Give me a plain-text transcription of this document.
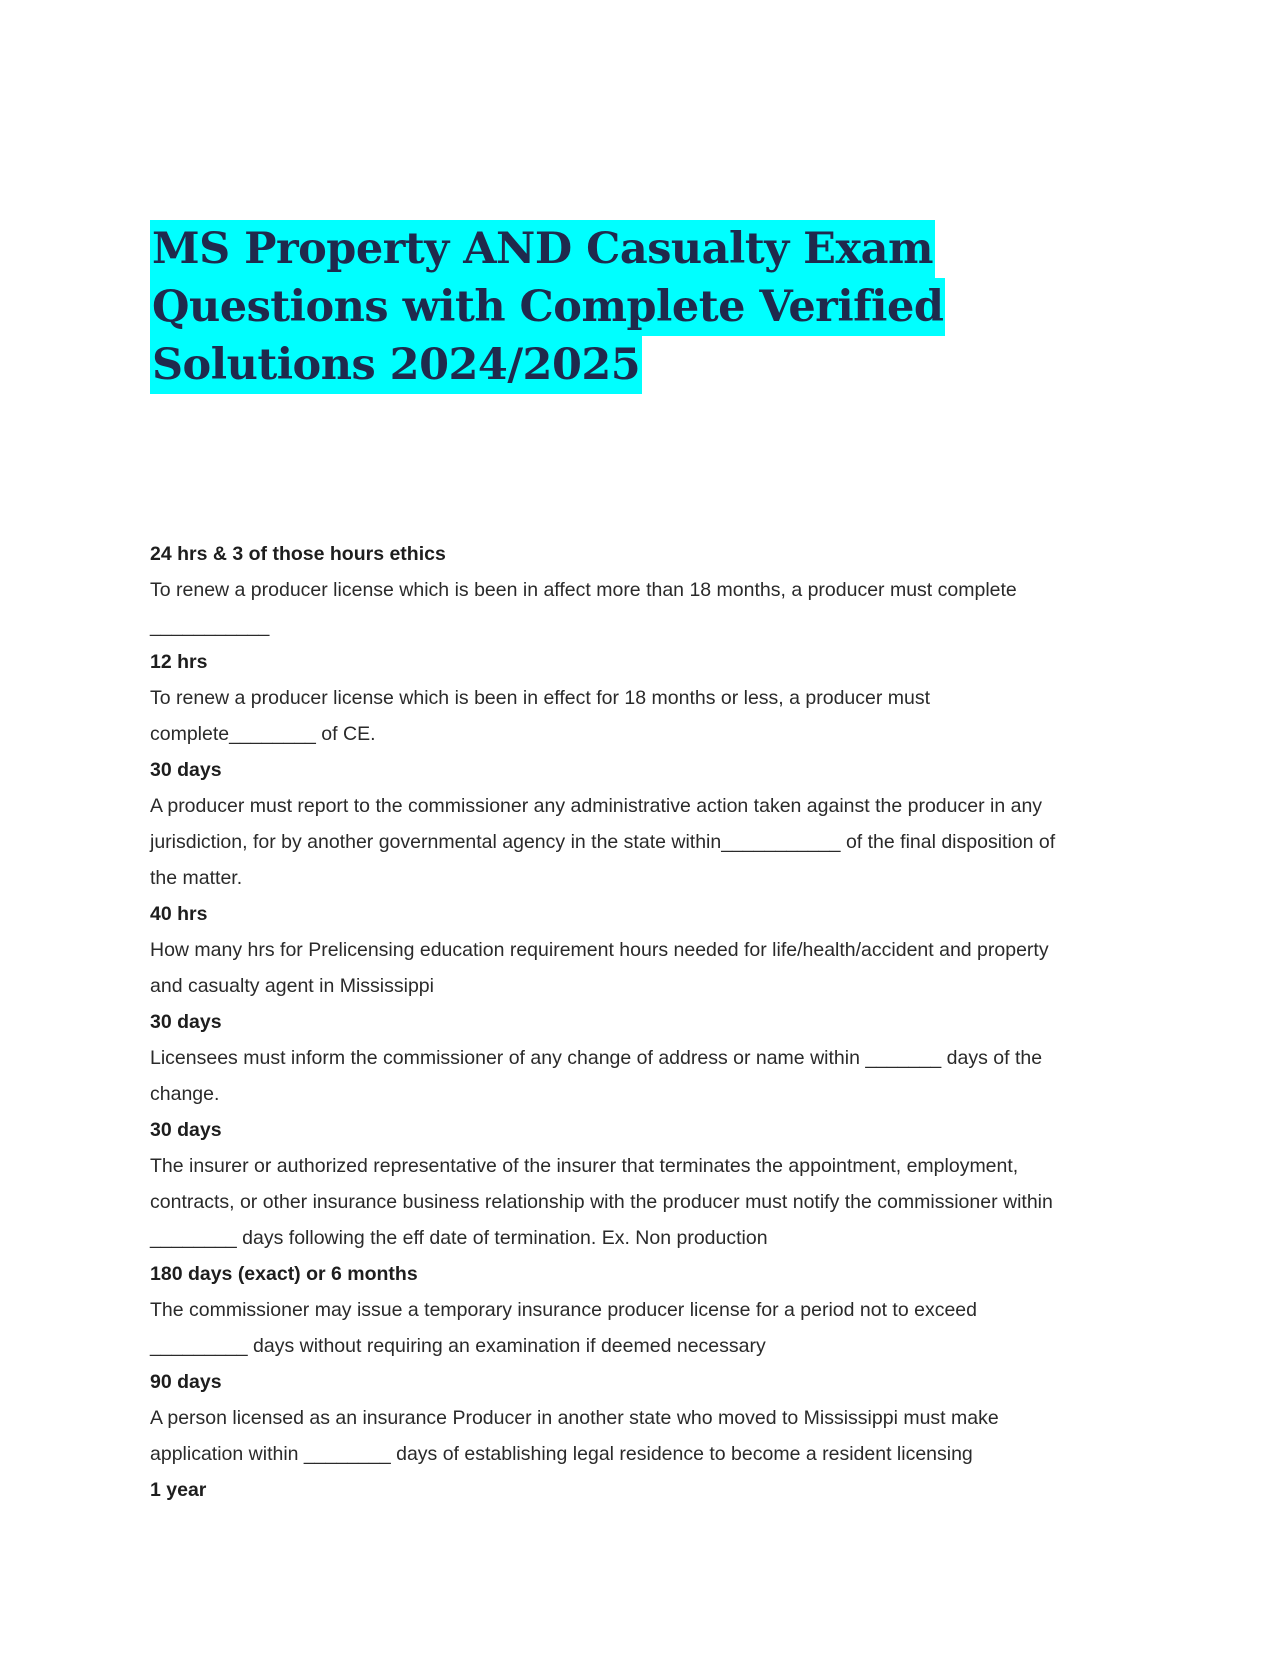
MS Property AND Casualty Exam
Questions with Complete Verified
Solutions 2024/2025
24 hrs & 3 of those hours ethics
To renew a producer license which is been in affect more than 18 months, a producer must complete
___________
12 hrs
To renew a producer license which is been in effect for 18 months or less, a producer must
complete________ of CE.
30 days
A producer must report to the commissioner any administrative action taken against the producer in any
jurisdiction, for by another governmental agency in the state within___________ of the final disposition of
the matter.
40 hrs
How many hrs for Prelicensing education requirement hours needed for life/health/accident and property
and casualty agent in Mississippi
30 days
Licensees must inform the commissioner of any change of address or name within _______ days of the
change.
30 days
The insurer or authorized representative of the insurer that terminates the appointment, employment,
contracts, or other insurance business relationship with the producer must notify the commissioner within
________ days following the eff date of termination. Ex. Non production
180 days (exact) or 6 months
The commissioner may issue a temporary insurance producer license for a period not to exceed
_________ days without requiring an examination if deemed necessary
90 days
A person licensed as an insurance Producer in another state who moved to Mississippi must make
application within ________ days of establishing legal residence to become a resident licensing
1 year
